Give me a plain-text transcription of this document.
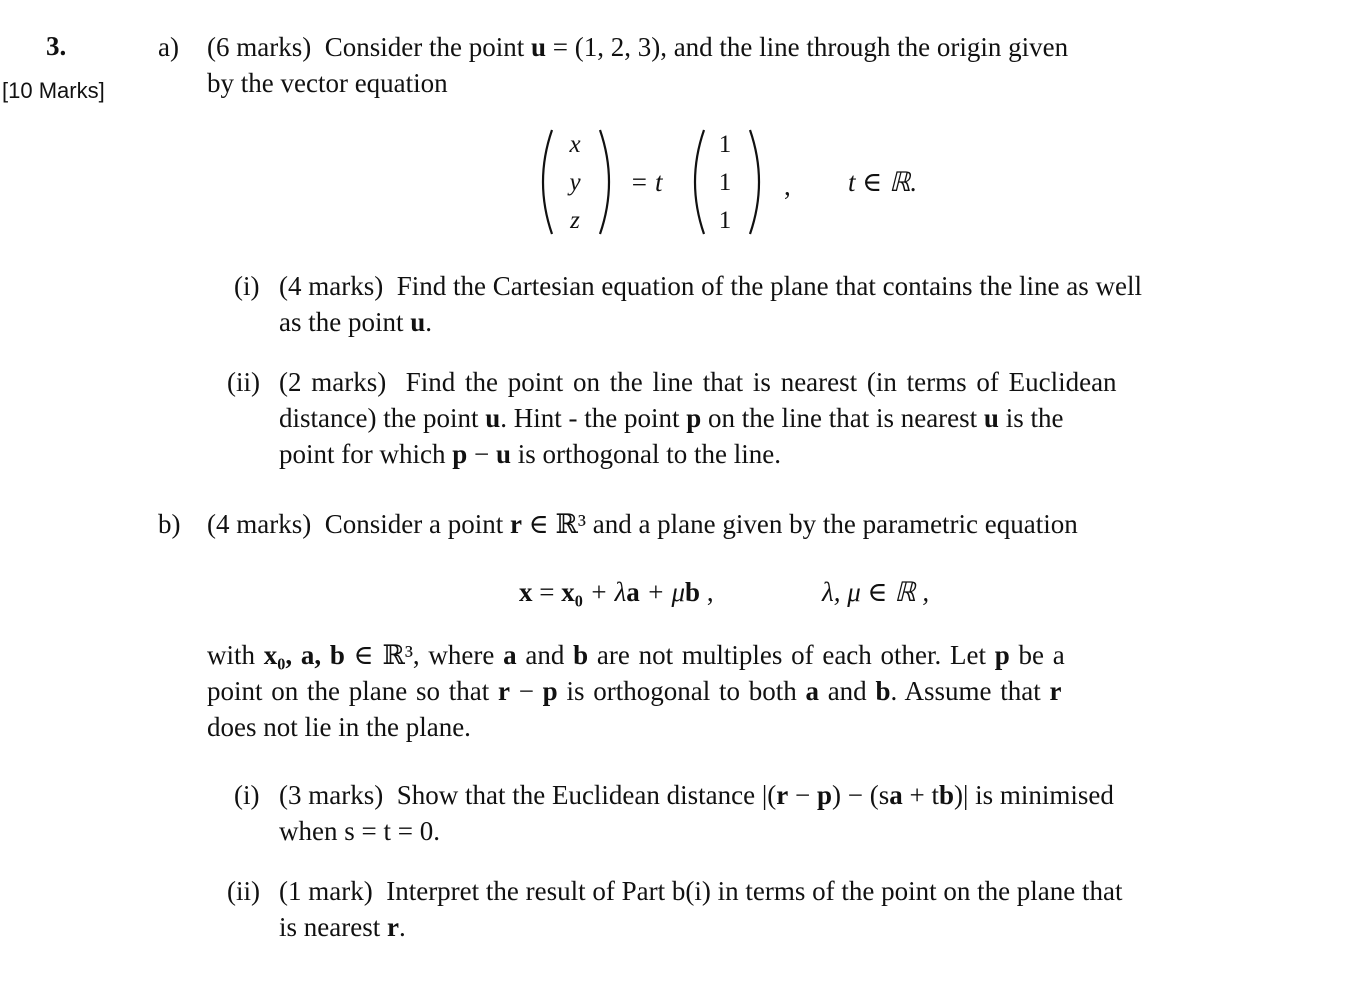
3.
[10 Marks]
a) (6 marks) Consider the point u = (1, 2, 3), and the line through the origin given
by the vector equation
x
y
z
= t
1
1
1
, t ∈ ℝ.
(i) (4 marks) Find the Cartesian equation of the plane that contains the line as well
as the point u.
(ii) (2 marks) Find the point on the line that is nearest (in terms of Euclidean
distance) the point u. Hint - the point p on the line that is nearest u is the
point for which p − u is orthogonal to the line.
b) (4 marks) Consider a point r ∈ ℝ³ and a plane given by the parametric equation
x = x₀ + λa + μb ,	λ, μ ∈ ℝ ,
with x₀, a, b ∈ ℝ³, where a and b are not multiples of each other. Let p be a
point on the plane so that r − p is orthogonal to both a and b. Assume that r
does not lie in the plane.
(i) (3 marks) Show that the Euclidean distance |(r − p) − (sa + tb)| is minimised
when s = t = 0.
(ii) (1 mark) Interpret the result of Part b(i) in terms of the point on the plane that
is nearest r.
